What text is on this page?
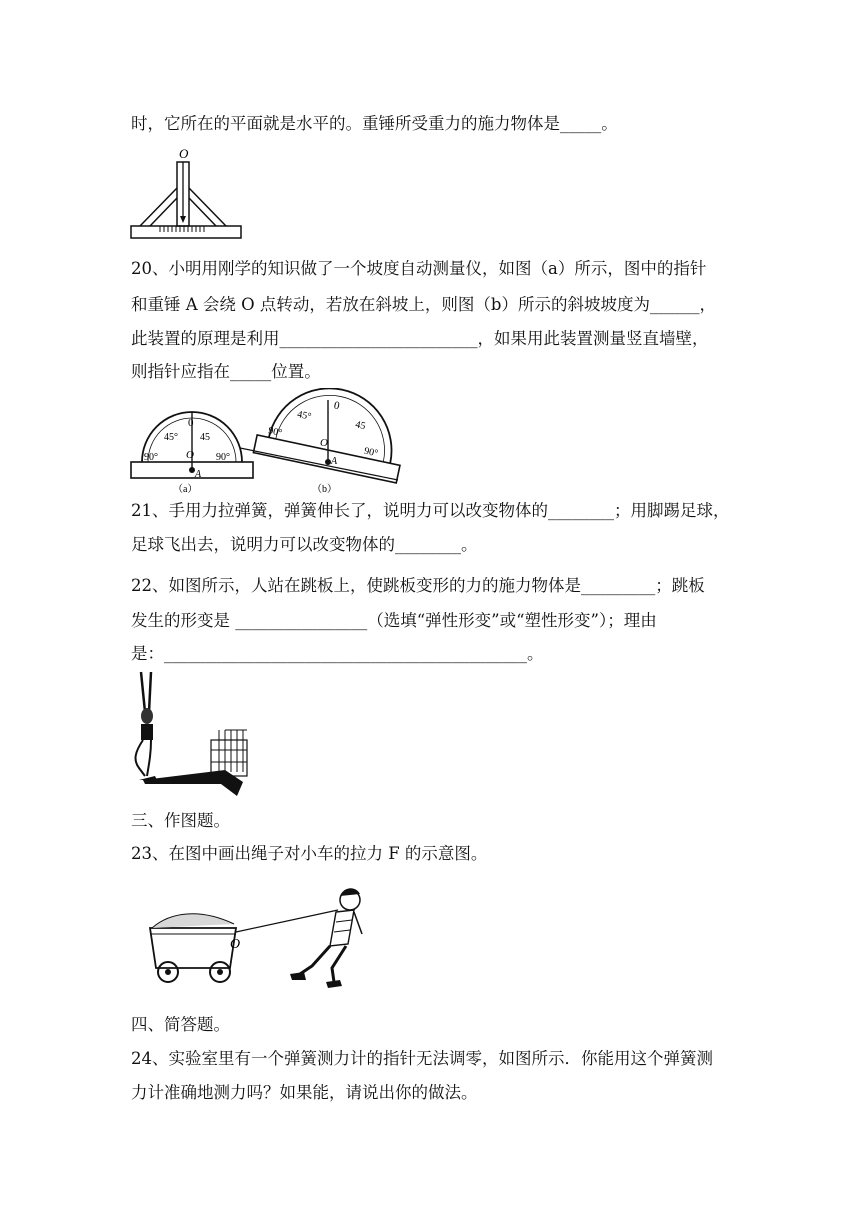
时，它所在的平面就是水平的。重锤所受重力的施力物体是_____。
O
20、小明用刚学的知识做了一个坡度自动测量仪，如图（a）所示，图中的指针
和重锤 A 会绕 O 点转动，若放在斜坡上，则图（b）所示的斜坡坡度为______，
此装置的原理是利用________________________，如果用此装置测量竖直墙壁，
则指针应指在_____位置。
0
45° 45
90°	90°
O
A
（a）
0
45°
45
90°
90°
O
A
（b）
21、手用力拉弹簧，弹簧伸长了，说明力可以改变物体的________；用脚踢足球，
足球飞出去，说明力可以改变物体的________。
22、如图所示，人站在跳板上，使跳板变形的力的施力物体是_________；跳板
发生的形变是 ________________（选填“弹性形变”或“塑性形变”）；理由
是：____________________________________________。
三、作图题。
23、在图中画出绳子对小车的拉力 F 的示意图。
O
四、简答题。
24、实验室里有一个弹簧测力计的指针无法调零，如图所示．你能用这个弹簧测
力计准确地测力吗？如果能，请说出你的做法。
